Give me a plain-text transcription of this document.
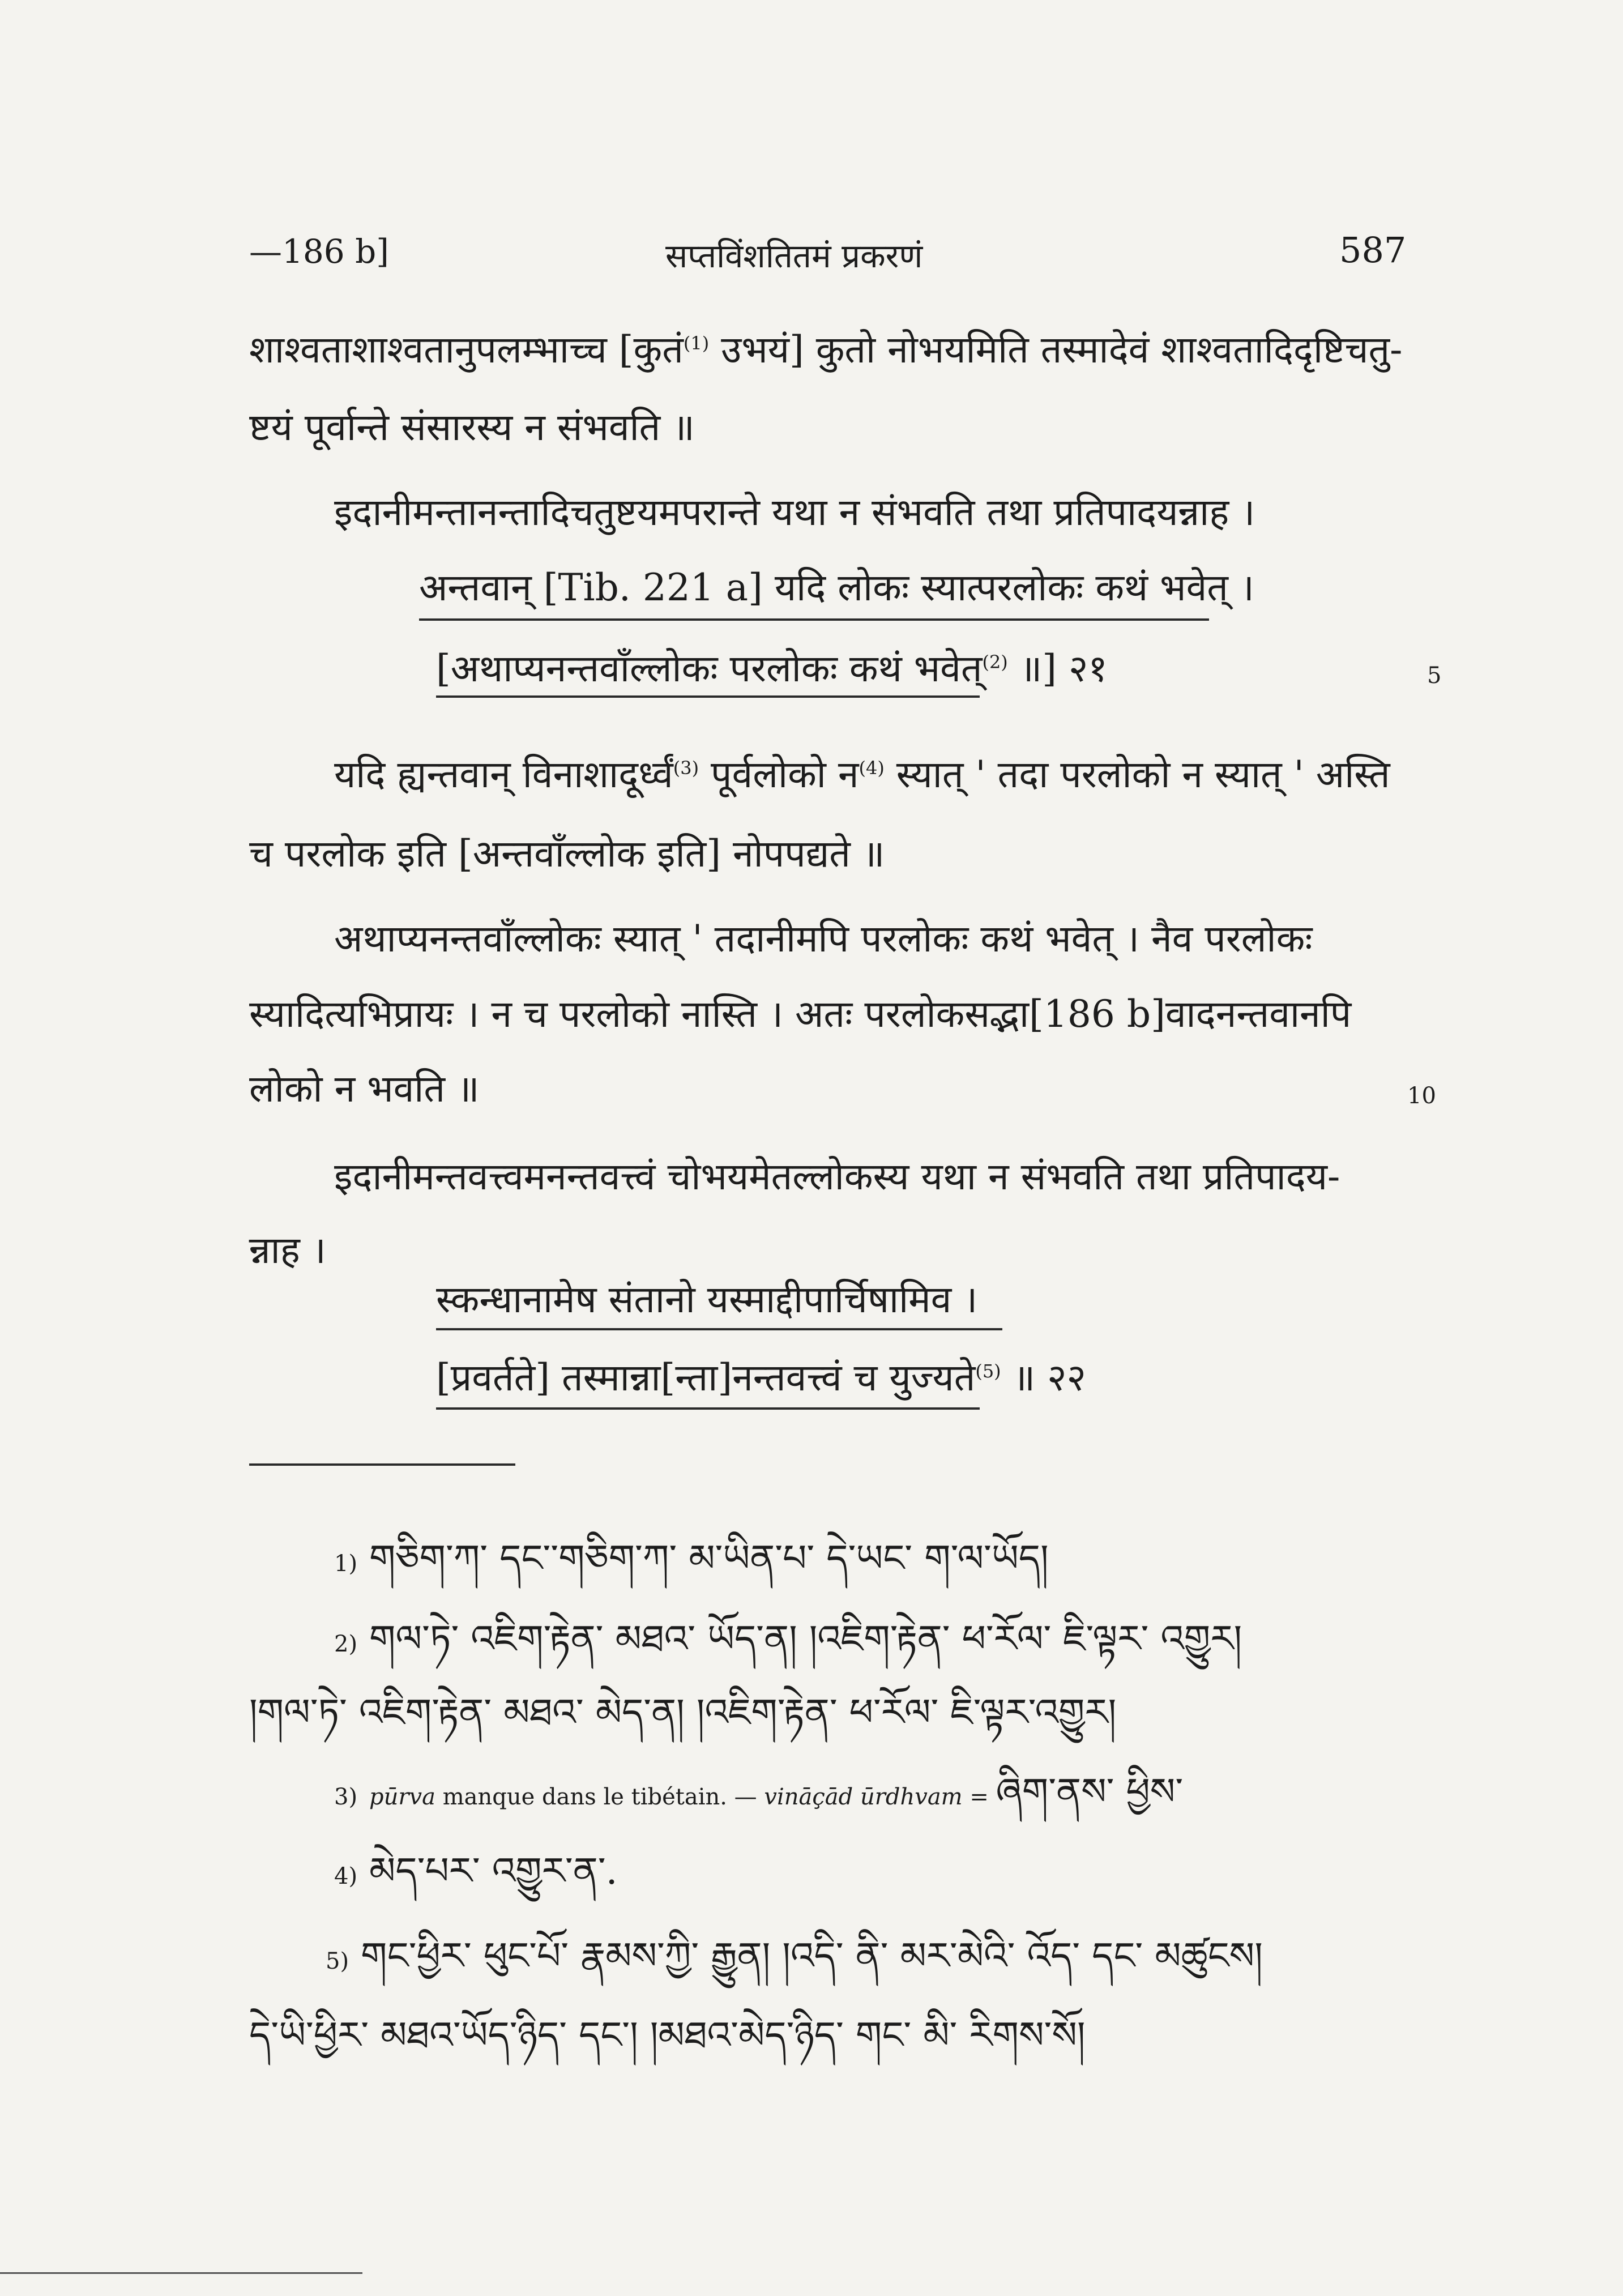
—186 b]	सप्तविंशतितमं प्रकरणं	587
शाश्वताशाश्वतानुपलम्भाच्च [कुतं$^{(1)}$ उभयं] कुतो नोभयमिति तस्मादेवं शाश्वतादिदृष्टिचतु-
ष्टयं पूर्वान्ते संसारस्य न संभवति ॥
इदानीमन्तानन्तादिचतुष्टयमपरान्ते यथा न संभवति तथा प्रतिपादयन्नाह ।
अन्तवान् [Tib. 221 a] यदि लोकः स्यात्परलोकः कथं भवेत् ।
[अथाप्यनन्तवाँल्लोकः परलोकः कथं भवेत्$^{(2)}$ ॥] २१	5
यदि ह्यन्तवान् विनाशादूर्ध्वं$^{(3)}$ पूर्वलोको न$^{(4)}$ स्यात् ' तदा परलोको न स्यात् ' अस्ति
च परलोक इति [अन्तवाँल्लोक इति] नोपपद्यते ॥
अथाप्यनन्तवाँल्लोकः स्यात् ' तदानीमपि परलोकः कथं भवेत् । नैव परलोकः
स्यादित्यभिप्रायः । न च परलोको नास्ति । अतः परलोकसद्भा[186 b]वादनन्तवानपि
लोको न भवति ॥	10
इदानीमन्तवत्त्वमनन्तवत्त्वं चोभयमेतल्लोकस्य यथा न संभवति तथा प्रतिपादय-
न्नाह ।
स्कन्धानामेष संतानो यस्माद्दीपार्चिषामिव ।
[प्रवर्तते] तस्मान्ना[न्ता]नन्तवत्त्वं च युज्यते$^{(5)}$ ॥ २२
1) གཅིག་ཀ་ དང་་གཅིག་ཀ་ མ་ཡིན་པ་ དེ་ཡང་ ག་ལ་ཡོད།
2) གལ་ཏེ་ འཇིག་རྟེན་ མཐའ་ ཡོད་ན། །འཇིག་རྟེན་ ཕ་རོལ་ ཇི་ལྟར་ འགྱུར།
།གལ་ཏེ་ འཇིག་རྟེན་ མཐའ་ མེད་ན། །འཇིག་རྟེན་ ཕ་རོལ་ ཇི་ལྟར་འགྱུར།
3) pūrva manque dans le tibétain. — vināçād ūrdhvam = ཞིག་ནས་ ཕྱིས་
4) མེད་པར་ འགྱུར་ན་.
5) གང་ཕྱིར་ ཕུང་པོ་ རྣམས་ཀྱི་ རྒྱུན། །འདི་ ནི་ མར་མེའི་ འོད་ དང་ མཚུངས།
དེ་ཡི་ཕྱིར་ མཐའ་ཡོད་ཉིད་ དང་། །མཐའ་མེད་ཉིད་ གང་ མི་ རིགས་སོ།
